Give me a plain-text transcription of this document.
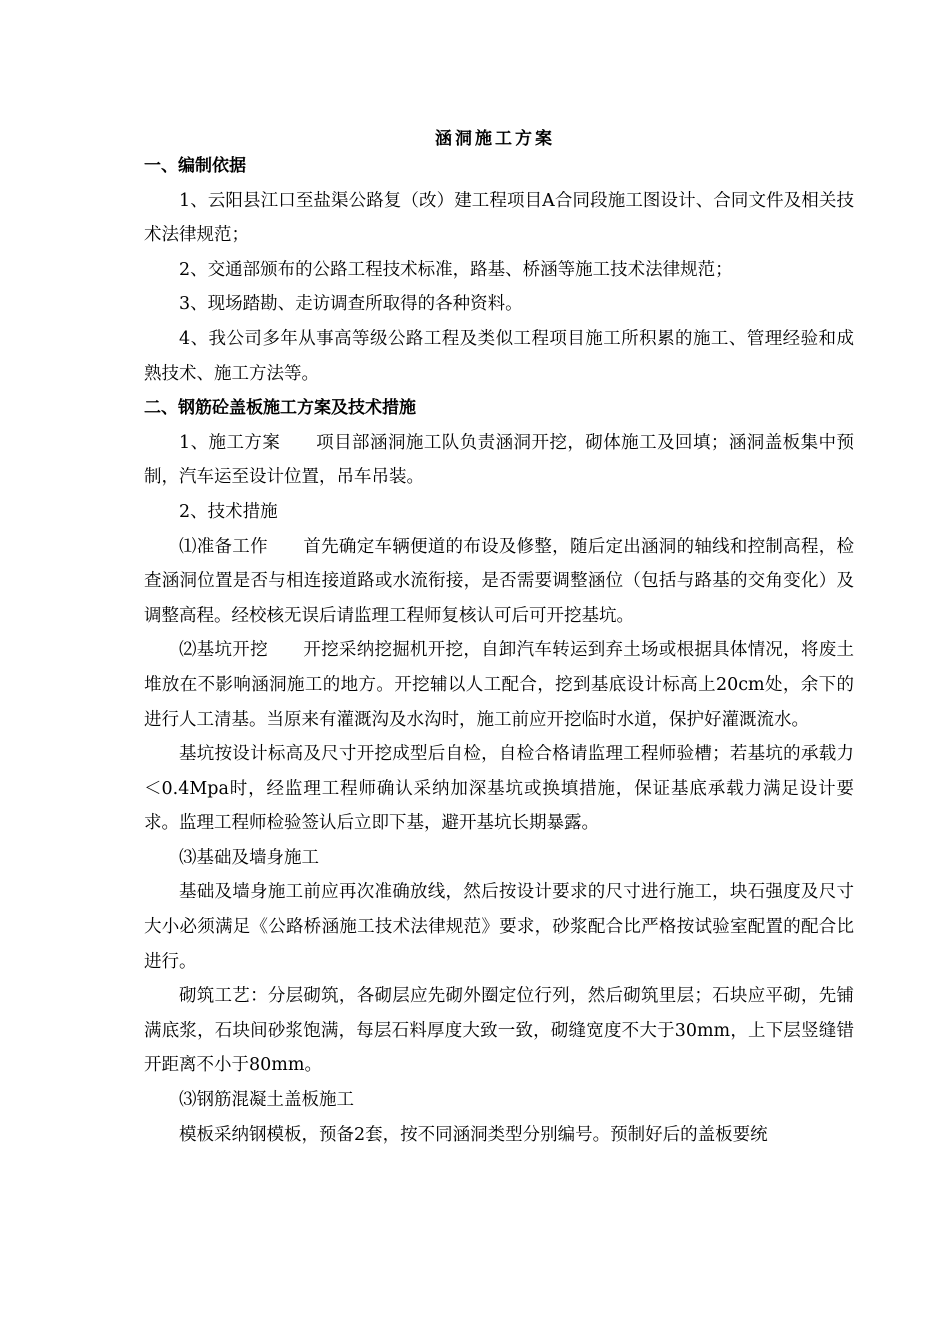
涵洞施工方案

一、编制依据

1、云阳县江口至盐渠公路复（改）建工程项目A合同段施工图设计、合同文件及相关技术法律规范；

2、交通部颁布的公路工程技术标准，路基、桥涵等施工技术法律规范；

3、现场踏勘、走访调查所取得的各种资料。

4、我公司多年从事高等级公路工程及类似工程项目施工所积累的施工、管理经验和成熟技术、施工方法等。

二、钢筋砼盖板施工方案及技术措施

1、施工方案　　项目部涵洞施工队负责涵洞开挖，砌体施工及回填；涵洞盖板集中预制，汽车运至设计位置，吊车吊装。

2、技术措施

⑴准备工作　　首先确定车辆便道的布设及修整，随后定出涵洞的轴线和控制高程，检查涵洞位置是否与相连接道路或水流衔接，是否需要调整涵位（包括与路基的交角变化）及调整高程。经校核无误后请监理工程师复核认可后可开挖基坑。

⑵基坑开挖　　开挖采纳挖掘机开挖，自卸汽车转运到弃土场或根据具体情况，将废土堆放在不影响涵洞施工的地方。开挖辅以人工配合，挖到基底设计标高上20cm处，余下的进行人工清基。当原来有灌溉沟及水沟时，施工前应开挖临时水道，保护好灌溉流水。

基坑按设计标高及尺寸开挖成型后自检，自检合格请监理工程师验槽；若基坑的承载力＜0.4Mpa时，经监理工程师确认采纳加深基坑或换填措施，保证基底承载力满足设计要求。监理工程师检验签认后立即下基，避开基坑长期暴露。

⑶基础及墙身施工

基础及墙身施工前应再次准确放线，然后按设计要求的尺寸进行施工，块石强度及尺寸大小必须满足《公路桥涵施工技术法律规范》要求，砂浆配合比严格按试验室配置的配合比进行。

砌筑工艺：分层砌筑，各砌层应先砌外圈定位行列，然后砌筑里层；石块应平砌，先铺满底浆，石块间砂浆饱满，每层石料厚度大致一致，砌缝宽度不大于30mm，上下层竖缝错开距离不小于80mm。

⑶钢筋混凝土盖板施工

模板采纳钢模板，预备2套，按不同涵洞类型分别编号。预制好后的盖板要统
